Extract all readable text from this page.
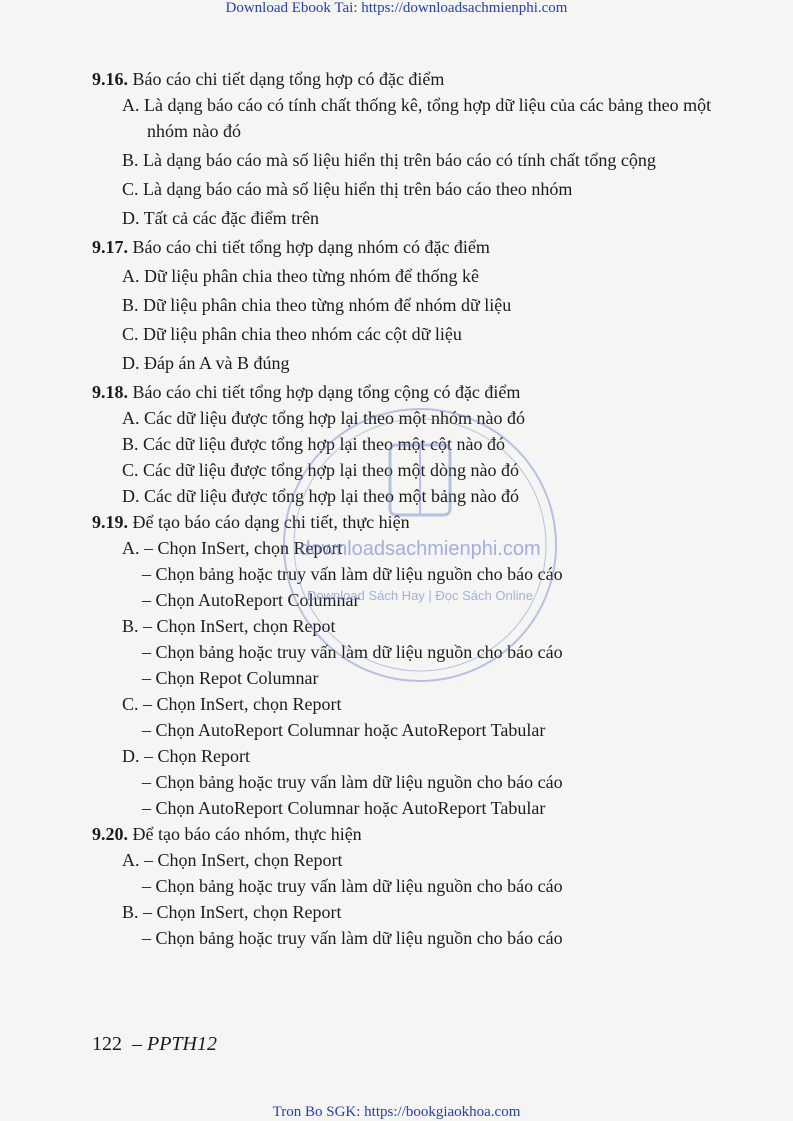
Download Ebook Tai: https://downloadsachmienphi.com

9.16. Báo cáo chi tiết dạng tổng hợp có đặc điểm

A. Là dạng báo cáo có tính chất thống kê, tổng hợp dữ liệu của các bảng theo một nhóm nào đó
B. Là dạng báo cáo mà số liệu hiển thị trên báo cáo có tính chất tổng cộng
C. Là dạng báo cáo mà số liệu hiển thị trên báo cáo theo nhóm
D. Tất cả các đặc điểm trên

9.17. Báo cáo chi tiết tổng hợp dạng nhóm có đặc điểm

A. Dữ liệu phân chia theo từng nhóm để thống kê
B. Dữ liệu phân chia theo từng nhóm để nhóm dữ liệu
C. Dữ liệu phân chia theo nhóm các cột dữ liệu
D. Đáp án A và B đúng

9.18. Báo cáo chi tiết tổng hợp dạng tổng cộng có đặc điểm

A. Các dữ liệu được tổng hợp lại theo một nhóm nào đó
B. Các dữ liệu được tổng hợp lại theo một cột nào đó
C. Các dữ liệu được tổng hợp lại theo một dòng nào đó
D. Các dữ liệu được tổng hợp lại theo một bảng nào đó

9.19. Để tạo báo cáo dạng chi tiết, thực hiện

A. – Chọn InSert, chọn Report
– Chọn bảng hoặc truy vấn làm dữ liệu nguồn cho báo cáo
– Chọn AutoReport Columnar
B. – Chọn InSert, chọn Repot
– Chọn bảng hoặc truy vấn làm dữ liệu nguồn cho báo cáo
– Chọn Repot Columnar
C. – Chọn InSert, chọn Report
– Chọn AutoReport Columnar hoặc AutoReport Tabular
D. – Chọn Report
– Chọn bảng hoặc truy vấn làm dữ liệu nguồn cho báo cáo
– Chọn AutoReport Columnar hoặc AutoReport Tabular

9.20. Để tạo báo cáo nhóm, thực hiện

A. – Chọn InSert, chọn Report
– Chọn bảng hoặc truy vấn làm dữ liệu nguồn cho báo cáo
B. – Chọn InSert, chọn Report
– Chọn bảng hoặc truy vấn làm dữ liệu nguồn cho báo cáo
downloadsachmienphi.com
Download Sách Hay | Đọc Sách Online
122 – PPTH12
Tron Bo SGK: https://bookgiaokhoa.com
